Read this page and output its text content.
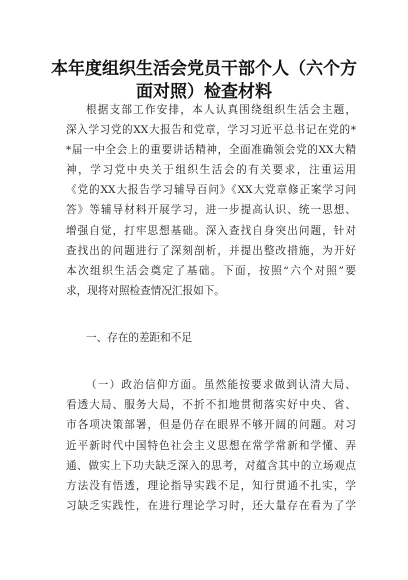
本年度组织生活会党员干部个人（六个方
面对照）检查材料
根据支部工作安排，本人认真围绕组织生活会主题，
深入学习党的XX大报告和党章，学习习近平总书记在党的*
*届一中全会上的重要讲话精神，全面准确领会党的XX大精
神，学习党中央关于组织生活会的有关要求，注重运用
《党的XX大报告学习辅导百问》《XX大党章修正案学习问
答》等辅导材料开展学习，进一步提高认识、统一思想、
增强自觉，打牢思想基础。深入查找自身突出问题，针对
查找出的问题进行了深刻剖析，并提出整改措施，为开好
本次组织生活会奠定了基础。下面，按照“六个对照”要
求，现将对照检查情况汇报如下。
一、存在的差距和不足
（一）政治信仰方面。虽然能按要求做到认清大局、
看透大局、服务大局，不折不扣地贯彻落实好中央、省、
市各项决策部署，但是仍存在眼界不够开阔的问题。对习
近平新时代中国特色社会主义思想在常学常新和学懂、弄
通、做实上下功夫缺乏深入的思考，对蕴含其中的立场观点
方法没有悟透，理论指导实践不足，知行贯通不扎实，学
习缺乏实践性，在进行理论学习时，还大量存在看为了学
